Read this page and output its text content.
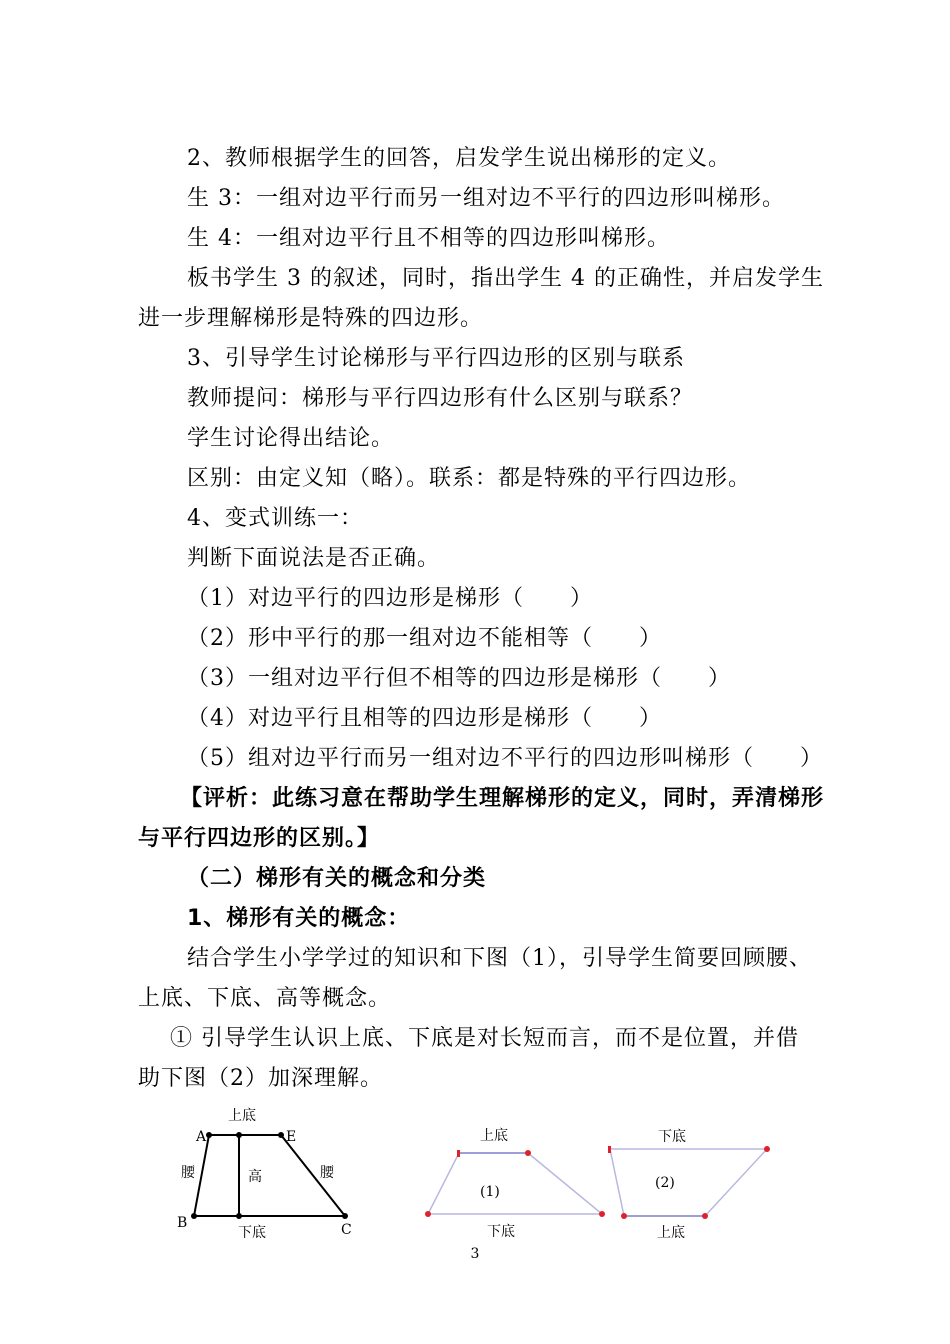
2、教师根据学生的回答，启发学生说出梯形的定义。
生 3：一组对边平行而另一组对边不平行的四边形叫梯形。
生 4：一组对边平行且不相等的四边形叫梯形。
板书学生 3 的叙述，同时，指出学生 4 的正确性，并启发学生
进一步理解梯形是特殊的四边形。
3、引导学生讨论梯形与平行四边形的区别与联系
教师提问：梯形与平行四边形有什么区别与联系？
学生讨论得出结论。
区别：由定义知（略）。联系：都是特殊的平行四边形。
4、变式训练一：
判断下面说法是否正确。
（1）对边平行的四边形是梯形（　　）
（2）形中平行的那一组对边不能相等（　　）
（3）一组对边平行但不相等的四边形是梯形（　　）
（4）对边平行且相等的四边形是梯形（　　）
（5）组对边平行而另一组对边不平行的四边形叫梯形（　　）
【评析：此练习意在帮助学生理解梯形的定义，同时，弄清梯形
与平行四边形的区别。】
（二）梯形有关的概念和分类
1、梯形有关的概念：
结合学生小学学过的知识和下图（1），引导学生简要回顾腰、
上底、下底、高等概念。
① 引导学生认识上底、下底是对长短而言，而不是位置，并借
助下图（2）加深理解。
上底
下底
腰	腰
高
A	E
B	C
上底
下底
(1)
下底
上底
(2)
3
